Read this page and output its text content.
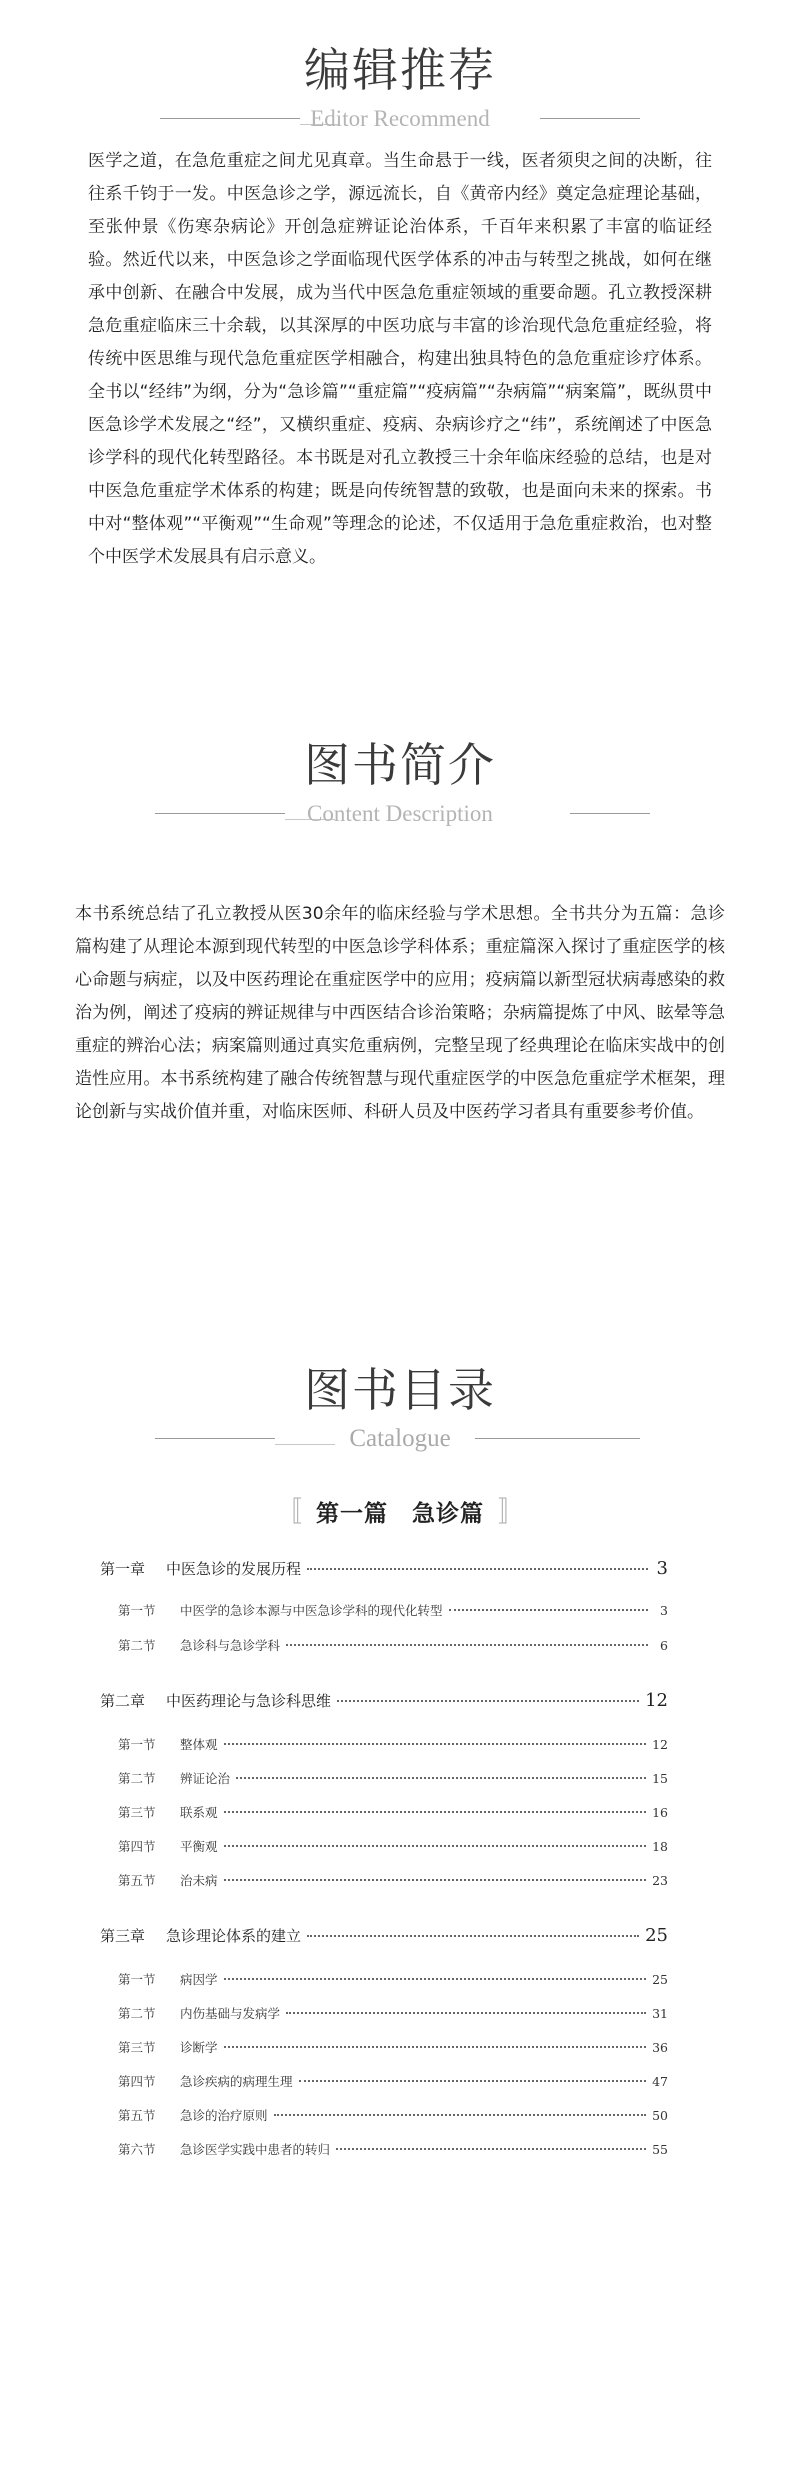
编辑推荐
Editor Recommend

医学之道，在急危重症之间尤见真章。当生命悬于一线，医者须臾之间的决断，往往系千钧于一发。中医急诊之学，源远流长，自《黄帝内经》奠定急症理论基础，至张仲景《伤寒杂病论》开创急症辨证论治体系，千百年来积累了丰富的临证经验。然近代以来，中医急诊之学面临现代医学体系的冲击与转型之挑战，如何在继承中创新、在融合中发展，成为当代中医急危重症领域的重要命题。孔立教授深耕急危重症临床三十余载，以其深厚的中医功底与丰富的诊治现代急危重症经验，将传统中医思维与现代急危重症医学相融合，构建出独具特色的急危重症诊疗体系。全书以“经纬”为纲，分为“急诊篇”“重症篇”“疫病篇”“杂病篇”“病案篇”，既纵贯中医急诊学术发展之“经”，又横织重症、疫病、杂病诊疗之“纬”，系统阐述了中医急诊学科的现代化转型路径。本书既是对孔立教授三十余年临床经验的总结，也是对中医急危重症学术体系的构建；既是向传统智慧的致敬，也是面向未来的探索。书中对“整体观”“平衡观”“生命观”等理念的论述，不仅适用于急危重症救治，也对整个中医学术发展具有启示意义。

图书简介
Content Description

本书系统总结了孔立教授从医30余年的临床经验与学术思想。全书共分为五篇：急诊篇构建了从理论本源到现代转型的中医急诊学科体系；重症篇深入探讨了重症医学的核心命题与病症，以及中医药理论在重症医学中的应用；疫病篇以新型冠状病毒感染的救治为例，阐述了疫病的辨证规律与中西医结合诊治策略；杂病篇提炼了中风、眩晕等急重症的辨治心法；病案篇则通过真实危重病例，完整呈现了经典理论在临床实战中的创造性应用。本书系统构建了融合传统智慧与现代重症医学的中医急危重症学术框架，理论创新与实战价值并重，对临床医师、科研人员及中医药学习者具有重要参考价值。

图书目录
Catalogue
〚 第一篇　急诊篇 〛
第一章	中医急诊的发展历程	3
第一节	中医学的急诊本源与中医急诊学科的现代化转型	3
第二节	急诊科与急诊学科	6
第二章	中医药理论与急诊科思维	12
第一节	整体观	12
第二节	辨证论治	15
第三节	联系观	16
第四节	平衡观	18
第五节	治未病	23
第三章	急诊理论体系的建立	25
第一节	病因学	25
第二节	内伤基础与发病学	31
第三节	诊断学	36
第四节	急诊疾病的病理生理	47
第五节	急诊的治疗原则	50
第六节	急诊医学实践中患者的转归	55
